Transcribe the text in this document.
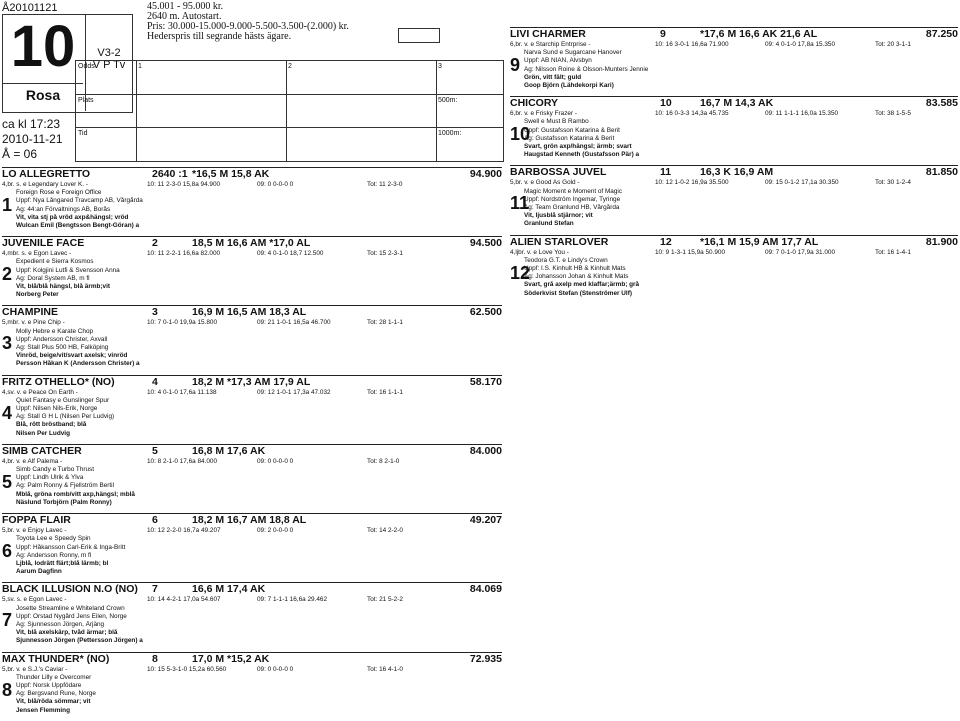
Å20101121
10
Rosa
V3-2
V P Tv
ca kl 17:23
2010-11-21
Å = 06
45.001 - 95.000 kr.
2640 m. Autostart.
Pris: 30.000-15.000-9.000-5.500-3.500-(2.000) kr.
Hederspris till segrande hästs ägare.
Odds
Plats
Tid
1	2	3
500m:
1000m:
LO ALLEGRETTO	2640 :1 *16,5 M 15,8 AK	94.900
4,br. s. e Legendary Lover K. -	10: 11 2-3-0 15,8a 94.900	09: 0 0-0-0 0	Tot: 11 2-3-0
1
Foreign Rose e Foreign Office
Uppf: Nya Långared Travcamp AB, Vårgårda
Äg: 44:an Förvaltnings AB, Borås
Vit, vita stj på vröd axp&hängsl; vröd
Wulcan Emil (Bengtsson Bengt-Göran) a
JUVENILE FACE	2	18,5 M 16,6 AM *17,0 AL	94.500
4,mbr. s. e Egon Lavec -	10: 11 2-2-1 16,6a 82.000	09: 4 0-1-0 18,7 12.500	Tot: 15 2-3-1
2
Expedient e Sierra Kosmos
Uppf: Kolgjini Lutfi & Svensson Anna
Äg: Doral System AB, m fl
Vit, blå/blå hängsl, blå ärmb;vit
Norberg Peter
CHAMPINE	3	16,9 M 16,5 AM 18,3 AL	62.500
5,mbr. v. e Pine Chip -	10: 7 0-1-0 19,9a 15.800	09: 21 1-0-1 16,5a 46.700	Tot: 28 1-1-1
3
Molly Hebre e Karate Chop
Uppf: Andersson Christer, Axvall
Äg: Stall Plus 500 HB, Falköping
Vinröd, beige/vit/svart axelsk; vinröd
Persson Håkan K (Andersson Christer) a
FRITZ OTHELLO* (NO)	4	18,2 M *17,3 AM 17,9 AL	58.170
4,sv. v. e Peace On Earth -	10: 4 0-1-0 17,6a 11.138	09: 12 1-0-1 17,3a 47.032	Tot: 16 1-1-1
4
Quiet Fantasy e Gunslinger Spur
Uppf: Nilsen Nils-Erik, Norge
Äg: Stall G H L (Nilsen Per Ludvig)
Blå, rött bröstband; blå
Nilsen Per Ludvig
SIMB CATCHER	5	16,8 M 17,6 AK	84.000
4,br. v. e Alf Palema -	10: 8 2-1-0 17,6a 84.000	09: 0 0-0-0 0	Tot: 8 2-1-0
5
Simb Candy e Turbo Thrust
Uppf: Lindh Ulrik & Ylva
Äg: Palm Ronny & Fjellström Bertil
Mblå, gröna romb/vitt axp,hängsl; mblå
Näslund Torbjörn (Palm Ronny)
FOPPA FLAIR	6	18,2 M 16,7 AM 18,8 AL	49.207
5,br. v. e Enjoy Lavec -	10: 12 2-2-0 16,7a 49.207	09: 2 0-0-0 0	Tot: 14 2-2-0
6
Toyota Lee e Speedy Spin
Uppf: Håkansson Carl-Erik & Inga-Britt
Äg: Andersson Ronny, m fl
Ljblå, lodrätt flärt;blå lärmb; bl
Aarum Dagfinn
BLACK ILLUSION N.O (NO)	7	16,6 M 17,4 AK	84.069
5,sv. s. e Egon Lavec -	10: 14 4-2-1 17,0a 54.607	09: 7 1-1-1 16,6a 29.462	Tot: 21 5-2-2
7
Josette Streamline e Whiteland Crown
Uppf: Orstad Nygård Jens Eilen, Norge
Äg: Sjunnesson Jörgen, Årjäng
Vit, blå axelskärp, tvåd ärmar; blå
Sjunnesson Jörgen (Pettersson Jörgen) a
MAX THUNDER* (NO)	8	17,0 M *15,2 AK	72.935
5,br. v. e S.J.'s Caviar -	10: 15 5-3-1-0 15,2a 60.560	09: 0 0-0-0 0	Tot: 16 4-1-0
8
Thunder Lilly e Overcomer
Uppf: Norsk Uppfödare
Äg: Bergsvand Rune, Norge
Vit, blå/röda sömmar; vit
Jensen Flemming
LIVI CHARMER	9	*17,6 M 16,6 AK 21,6 AL	87.250
6,br. v. e Starchip Entrprise -	10: 16 3-0-1 16,6a 71.900	09: 4 0-1-0 17,8a 15.350	Tot: 20 3-1-1
9
Narva Sund e Sugarcane Hanover
Uppf: AB NIAN, Alvsbyn
Äg: Nilsson Roine & Olsson-Munters Jennie
Grön, vitt fält; guld
Goop Björn (Lähdekorpi Kari)
CHICORY	10	16,7 M 14,3 AK	83.585
6,br. v. e Frisky Frazer -	10: 16 0-3-3 14,3a 45.735	09: 11 1-1-1 16,0a 15.350	Tot: 38 1-5-5
10
Swell e Must B Rambo
Uppf: Gustafsson Katarina & Berit
Äg: Gustafsson Katarina & Berit
Svart, grön axp/hängsl; ärmb; svart
Haugstad Kenneth (Gustafsson Pär) a
BARBOSSA JUVEL	11	16,3 K 16,9 AM	81.850
5,br. v. e Good As Gold -	10: 12 1-0-2 16,9a 35.500	09: 15 0-1-2 17,1a 30.350	Tot: 30 1-2-4
11
Magic Moment e Moment of Magic
Uppf: Nordström Ingemar, Tyringe
Äg: Team Granlund HB, Vårgårda
Vit, ljusblå stjärnor; vit
Granlund Stefan
ALIEN STARLOVER	12	*16,1 M 15,9 AM 17,7 AL	81.900
4,ljbr. v. e Love You -	10: 9 1-3-1 15,9a 50.900	09: 7 0-1-0 17,9a 31.000	Tot: 16 1-4-1
12
Teodora G.T. e Lindy's Crown
Uppf: I.S. Kinhult HB & Kinhult Mats
Äg: Johansson Johan & Kinhult Mats
Svart, grå axelp med klaffar;ärmb; grå
Söderkvist Stefan (Stenströmer Ulf)
